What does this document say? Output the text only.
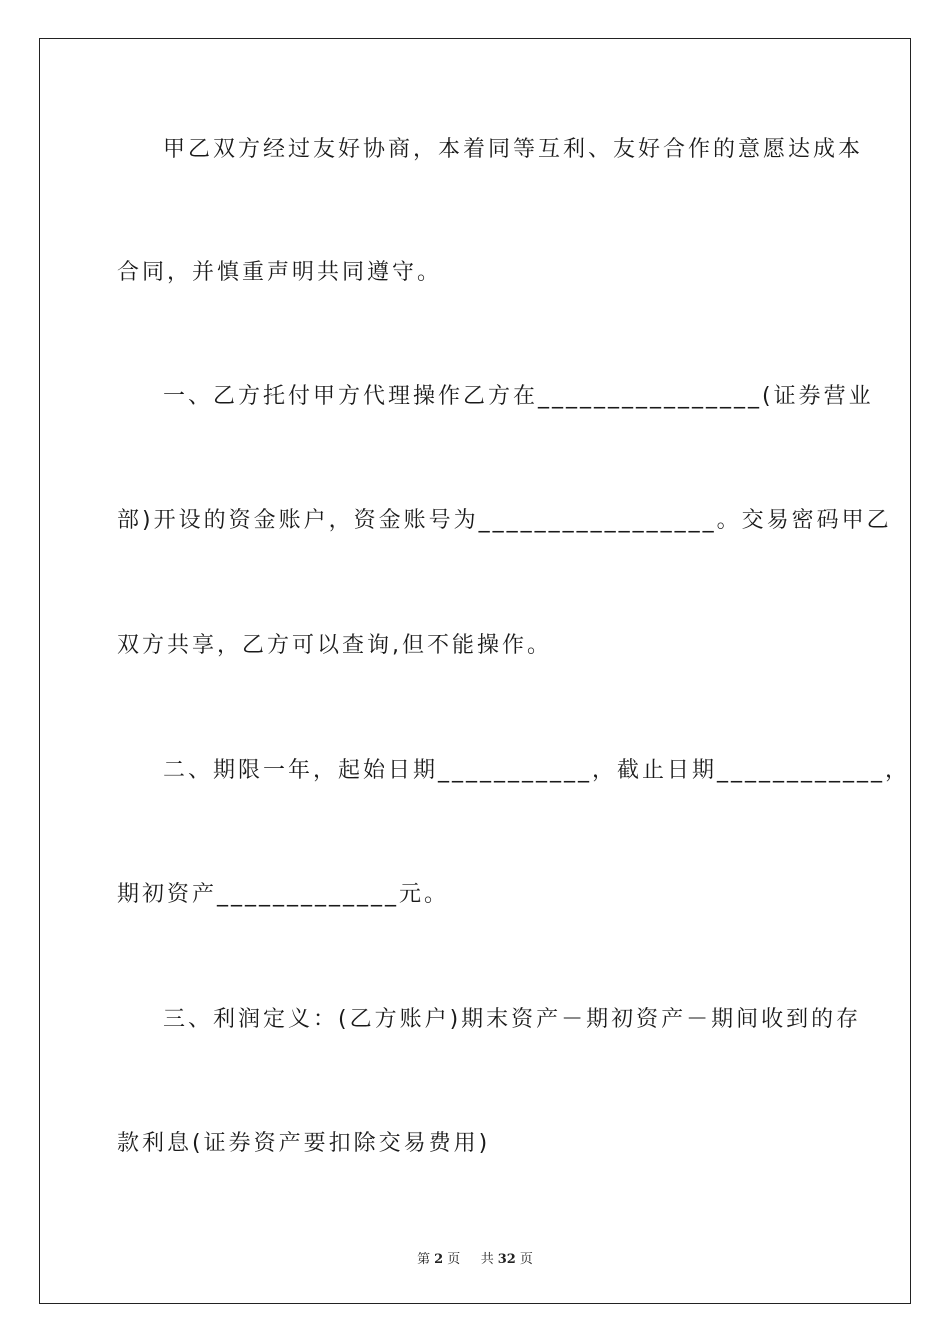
甲乙双方经过友好协商，本着同等互利、友好合作的意愿达成本
合同，并慎重声明共同遵守。
一、乙方托付甲方代理操作乙方在________________(证券营业
部)开设的资金账户，资金账号为_________________。交易密码甲乙
双方共享，乙方可以查询,但不能操作。
二、期限一年，起始日期___________，截止日期____________，
期初资产_____________元。
三、利润定义：(乙方账户)期末资产－期初资产－期间收到的存
款利息(证券资产要扣除交易费用)
第 2 页 共 32 页
